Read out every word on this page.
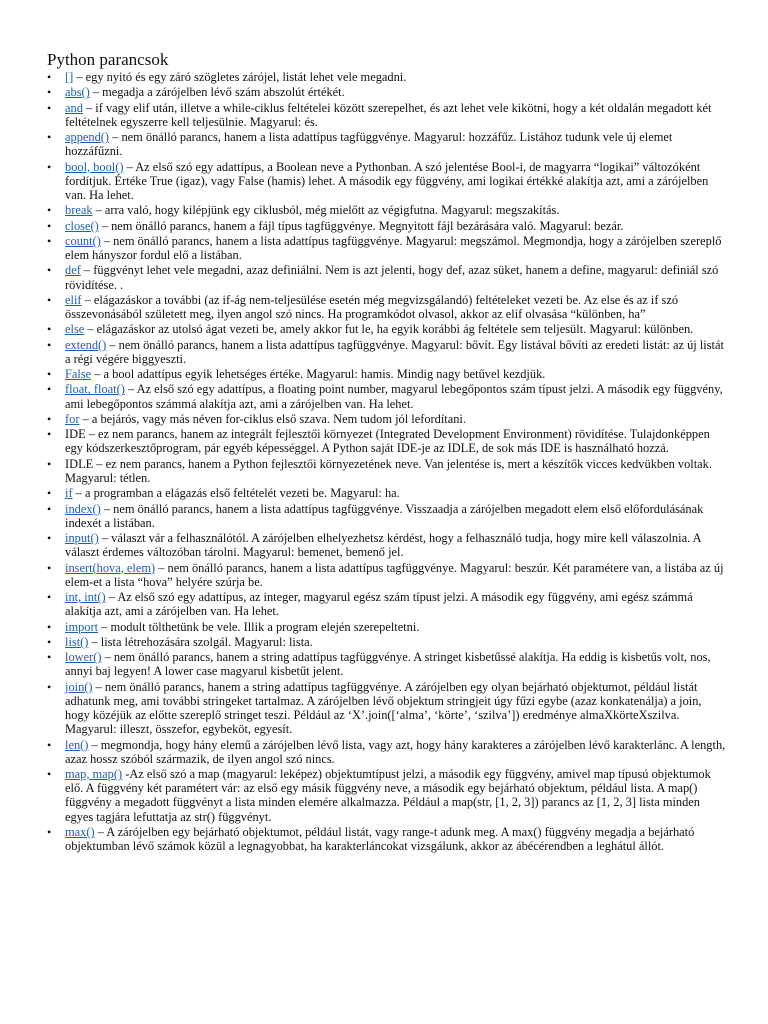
Python parancsok
• [] – egy nyitó és egy záró szögletes zárójel, listát lehet vele megadni.
• abs() – megadja a zárójelben lévő szám abszolút értékét.
• and – if vagy elif után, illetve a while-ciklus feltételei között szerepelhet, és azt lehet vele kikötni, hogy a két oldalán megadott két feltételnek egyszerre kell teljesülnie. Magyarul: és.
• append() – nem önálló parancs, hanem a lista adattípus tagfüggvénye. Magyarul: hozzáfűz. Listához tudunk vele új elemet hozzáfűzni.
• bool, bool() – Az első szó egy adattípus, a Boolean neve a Pythonban. A szó jelentése Bool-i, de magyarra “logikai” változóként fordítjuk. Értéke True (igaz), vagy False (hamis) lehet. A második egy függvény, ami logikai értékké alakítja azt, ami a zárójelben van. Ha lehet.
• break – arra való, hogy kilépjünk egy ciklusból, még mielőtt az végigfutna. Magyarul: megszakítás.
• close() – nem önálló parancs, hanem a fájl típus tagfüggvénye. Megnyitott fájl bezárására való. Magyarul: bezár.
• count() – nem önálló parancs, hanem a lista adattípus tagfüggvénye. Magyarul: megszámol. Megmondja, hogy a zárójelben szereplő elem hányszor fordul elő a listában.
• def – függvényt lehet vele megadni, azaz definiálni. Nem is azt jelenti, hogy def, azaz süket, hanem a define, magyarul: definiál szó rövidítése. .
• elif – elágazáskor a további (az if-ág nem-teljesülése esetén még megvizsgálandó) feltételeket vezeti be. Az else és az if szó összevonásából született meg, ilyen angol szó nincs. Ha programkódot olvasol, akkor az elif olvasása “különben, ha”
• else – elágazáskor az utolsó ágat vezeti be, amely akkor fut le, ha egyik korábbi ág feltétele sem teljesült. Magyarul: különben.
• extend() – nem önálló parancs, hanem a lista adattípus tagfüggvénye. Magyarul: bővít. Egy listával bővíti az eredeti listát: az új listát a régi végére biggyeszti.
• False – a bool adattípus egyik lehetséges értéke. Magyarul: hamis. Mindig nagy betűvel kezdjük.
• float, float() – Az első szó egy adattípus, a floating point number, magyarul lebegőpontos szám típust jelzi. A második egy függvény, ami lebegőpontos számmá alakítja azt, ami a zárójelben van. Ha lehet.
• for – a bejárós, vagy más néven for-ciklus első szava. Nem tudom jól lefordítani.
• IDE – ez nem parancs, hanem az integrált fejlesztői környezet (Integrated Development Environment) rövidítése. Tulajdonképpen egy kódszerkesztőprogram, pár egyéb képességgel. A Python saját IDE-je az IDLE, de sok más IDE is használható hozzá.
• IDLE – ez nem parancs, hanem a Python fejlesztői környezetének neve. Van jelentése is, mert a készítők vicces kedvükben voltak. Magyarul: tétlen.
• if – a programban a elágazás első feltételét vezeti be. Magyarul: ha.
• index() – nem önálló parancs, hanem a lista adattípus tagfüggvénye. Visszaadja a zárójelben megadott elem első előfordulásának indexét a listában.
• input() – választ vár a felhasználótól. A zárójelben elhelyezhetsz kérdést, hogy a felhasználó tudja, hogy mire kell válaszolnia. A választ érdemes változóban tárolni. Magyarul: bemenet, bemenő jel.
• insert(hova, elem) – nem önálló parancs, hanem a lista adattípus tagfüggvénye. Magyarul: beszúr. Két paramétere van, a listába az új elem-et a lista “hova” helyére szúrja be.
• int, int() – Az első szó egy adattípus, az integer, magyarul egész szám típust jelzi. A második egy függvény, ami egész számmá alakítja azt, ami a zárójelben van. Ha lehet.
• import – modult tölthetünk be vele. Illik a program elején szerepeltetni.
• list() – lista létrehozására szolgál. Magyarul: lista.
• lower() – nem önálló parancs, hanem a string adattípus tagfüggvénye. A stringet kisbetűssé alakítja. Ha eddig is kisbetűs volt, nos, annyi baj legyen! A lower case magyarul kisbetűt jelent.
• join() – nem önálló parancs, hanem a string adattípus tagfüggvénye. A zárójelben egy olyan bejárható objektumot, például listát adhatunk meg, ami további stringeket tartalmaz. A zárójelben lévő objektum stringjeit úgy fűzi egybe (azaz konkatenálja) a join, hogy közéjük az előtte szereplő stringet teszi. Például az ‘X’.join([‘alma’, ‘körte’, ‘szilva’]) eredménye almaXkörteXszilva. Magyarul: illeszt, összefor, egybeköt, egyesít.
• len() – megmondja, hogy hány elemű a zárójelben lévő lista, vagy azt, hogy hány karakteres a zárójelben lévő karakterlánc. A length, azaz hossz szóból származik, de ilyen angol szó nincs.
• map, map() -Az első szó a map (magyarul: leképez) objektumtípust jelzi, a második egy függvény, amivel map típusú objektumok elő. A függvény két paramétert vár: az első egy másik függvény neve, a második egy bejárható objektum, például lista. A map() függvény a megadott függvényt a lista minden elemére alkalmazza. Például a map(str, [1, 2, 3]) parancs az [1, 2, 3] lista minden egyes tagjára lefuttatja az str() függvényt.
• max() – A zárójelben egy bejárható objektumot, például listát, vagy range-t adunk meg. A max() függvény megadja a bejárható objektumban lévő számok közül a legnagyobbat, ha karakterláncokat vizsgálunk, akkor az ábécérendben a leghátul állót.
